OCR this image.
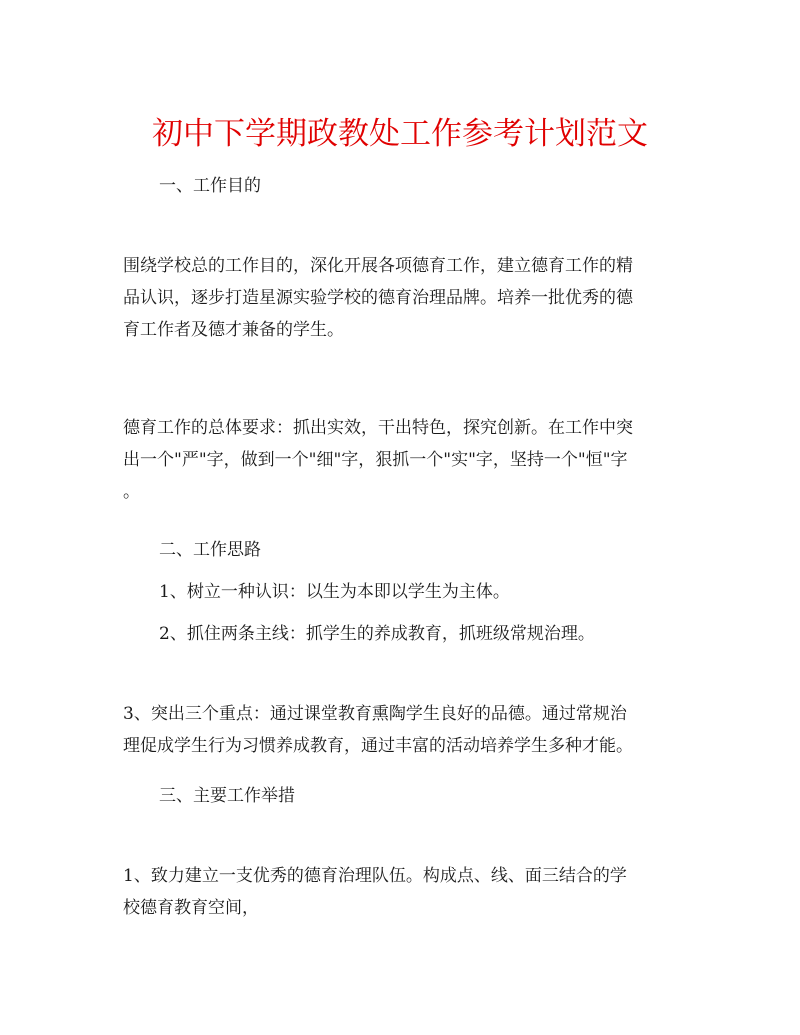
初中下学期政教处工作参考计划范文
一、工作目的
围绕学校总的工作目的，深化开展各项德育工作，建立德育工作的精
品认识，逐步打造星源实验学校的德育治理品牌。培养一批优秀的德
育工作者及德才兼备的学生。
德育工作的总体要求：抓出实效，干出特色，探究创新。在工作中突
出一个"严"字，做到一个"细"字，狠抓一个"实"字，坚持一个"恒"字
。
二、工作思路
1、树立一种认识：以生为本即以学生为主体。
2、抓住两条主线：抓学生的养成教育，抓班级常规治理。
3、突出三个重点：通过课堂教育熏陶学生良好的品德。通过常规治
理促成学生行为习惯养成教育，通过丰富的活动培养学生多种才能。
三、主要工作举措
1、致力建立一支优秀的德育治理队伍。构成点、线、面三结合的学
校德育教育空间，
